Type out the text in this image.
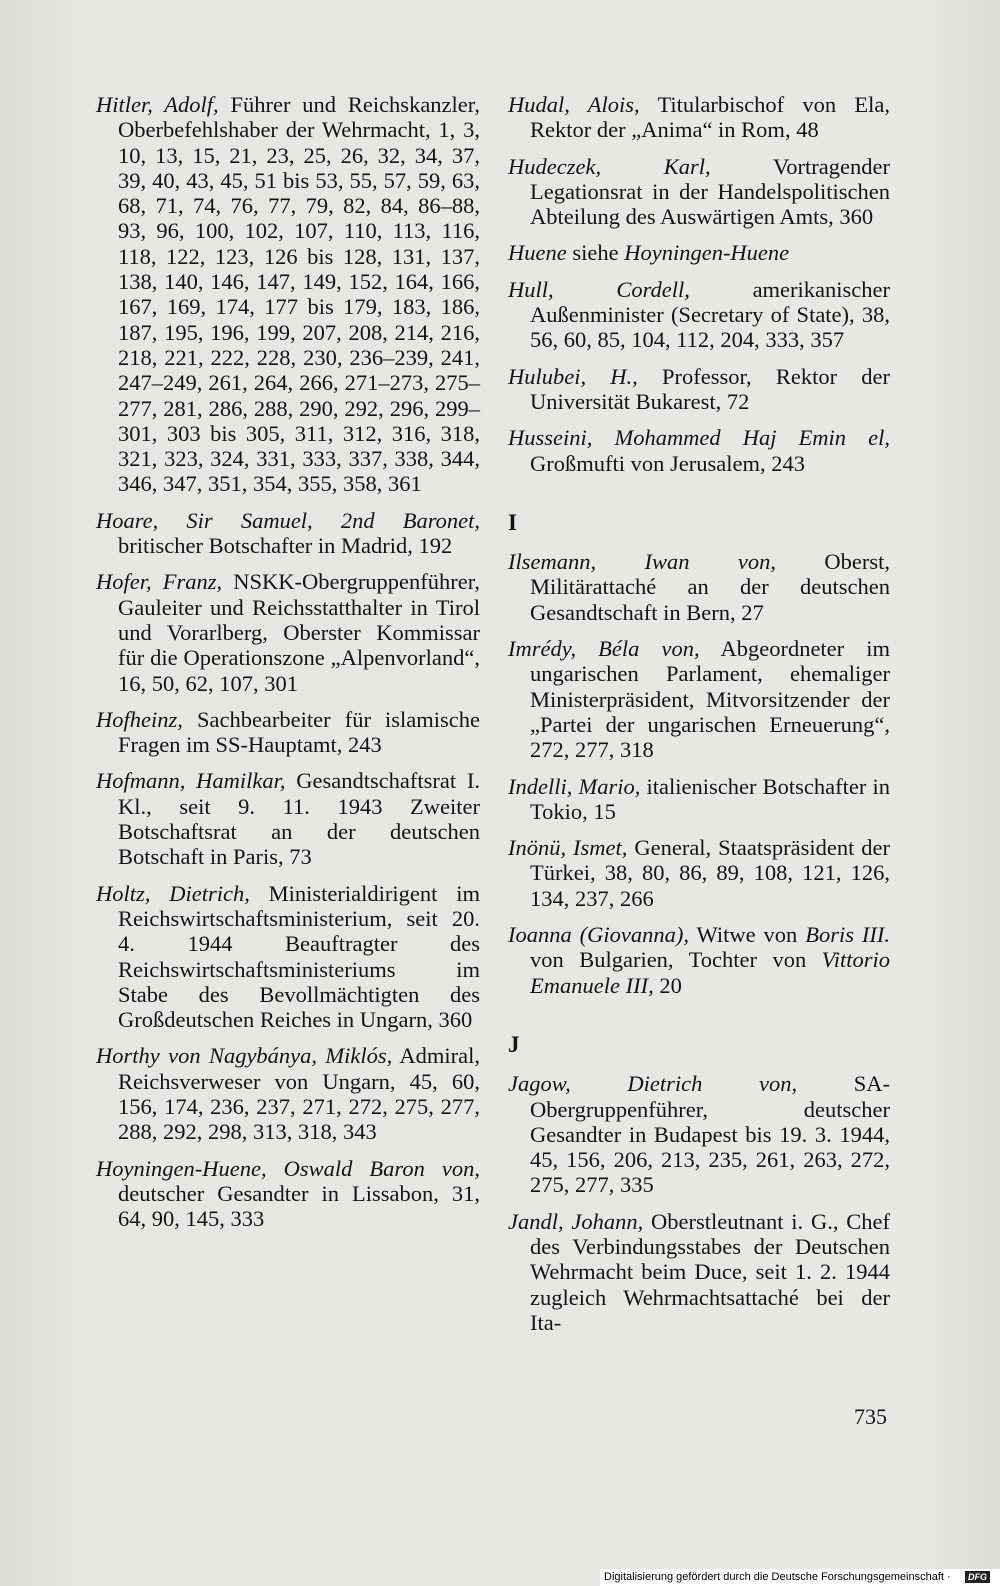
Hitler, Adolf, Führer und Reichskanzler, Oberbefehlshaber der Wehrmacht, 1, 3, 10, 13, 15, 21, 23, 25, 26, 32, 34, 37, 39, 40, 43, 45, 51 bis 53, 55, 57, 59, 63, 68, 71, 74, 76, 77, 79, 82, 84, 86–88, 93, 96, 100, 102, 107, 110, 113, 116, 118, 122, 123, 126 bis 128, 131, 137, 138, 140, 146, 147, 149, 152, 164, 166, 167, 169, 174, 177 bis 179, 183, 186, 187, 195, 196, 199, 207, 208, 214, 216, 218, 221, 222, 228, 230, 236–239, 241, 247–249, 261, 264, 266, 271–273, 275–277, 281, 286, 288, 290, 292, 296, 299–301, 303 bis 305, 311, 312, 316, 318, 321, 323, 324, 331, 333, 337, 338, 344, 346, 347, 351, 354, 355, 358, 361

Hoare, Sir Samuel, 2nd Baronet, britischer Botschafter in Madrid, 192

Hofer, Franz, NSKK-Obergruppenführer, Gauleiter und Reichsstatthalter in Tirol und Vorarlberg, Oberster Kommissar für die Operationszone „Alpenvorland“, 16, 50, 62, 107, 301

Hofheinz, Sachbearbeiter für islamische Fragen im SS-Hauptamt, 243

Hofmann, Hamilkar, Gesandtschaftsrat I. Kl., seit 9. 11. 1943 Zweiter Botschaftsrat an der deutschen Botschaft in Paris, 73

Holtz, Dietrich, Ministerialdirigent im Reichswirtschaftsministerium, seit 20. 4. 1944 Beauftragter des Reichswirtschaftsministeriums im Stabe des Bevollmächtigten des Großdeutschen Reiches in Ungarn, 360

Horthy von Nagybánya, Miklós, Admiral, Reichsverweser von Ungarn, 45, 60, 156, 174, 236, 237, 271, 272, 275, 277, 288, 292, 298, 313, 318, 343

Hoyningen-Huene, Oswald Baron von, deutscher Gesandter in Lissabon, 31, 64, 90, 145, 333

Hudal, Alois, Titularbischof von Ela, Rektor der „Anima“ in Rom, 48

Hudeczek, Karl, Vortragender Legationsrat in der Handelspolitischen Abteilung des Auswärtigen Amts, 360

Huene siehe Hoyningen-Huene

Hull, Cordell, amerikanischer Außenminister (Secretary of State), 38, 56, 60, 85, 104, 112, 204, 333, 357

Hulubei, H., Professor, Rektor der Universität Bukarest, 72

Husseini, Mohammed Haj Emin el, Großmufti von Jerusalem, 243

I

Ilsemann, Iwan von, Oberst, Militärattaché an der deutschen Gesandtschaft in Bern, 27

Imrédy, Béla von, Abgeordneter im ungarischen Parlament, ehemaliger Ministerpräsident, Mitvorsitzender der „Partei der ungarischen Erneuerung“, 272, 277, 318

Indelli, Mario, italienischer Botschafter in Tokio, 15

Inönü, Ismet, General, Staatspräsident der Türkei, 38, 80, 86, 89, 108, 121, 126, 134, 237, 266

Ioanna (Giovanna), Witwe von Boris III. von Bulgarien, Tochter von Vittorio Emanuele III, 20

J

Jagow, Dietrich von, SA-Obergruppenführer, deutscher Gesandter in Budapest bis 19. 3. 1944, 45, 156, 206, 213, 235, 261, 263, 272, 275, 277, 335

Jandl, Johann, Oberstleutnant i. G., Chef des Verbindungsstabes der Deutschen Wehrmacht beim Duce, seit 1. 2. 1944 zugleich Wehrmachtsattaché bei der Ita-

735
Digitalisierung gefördert durch die Deutsche Forschungsgemeinschaft ·	DFG
